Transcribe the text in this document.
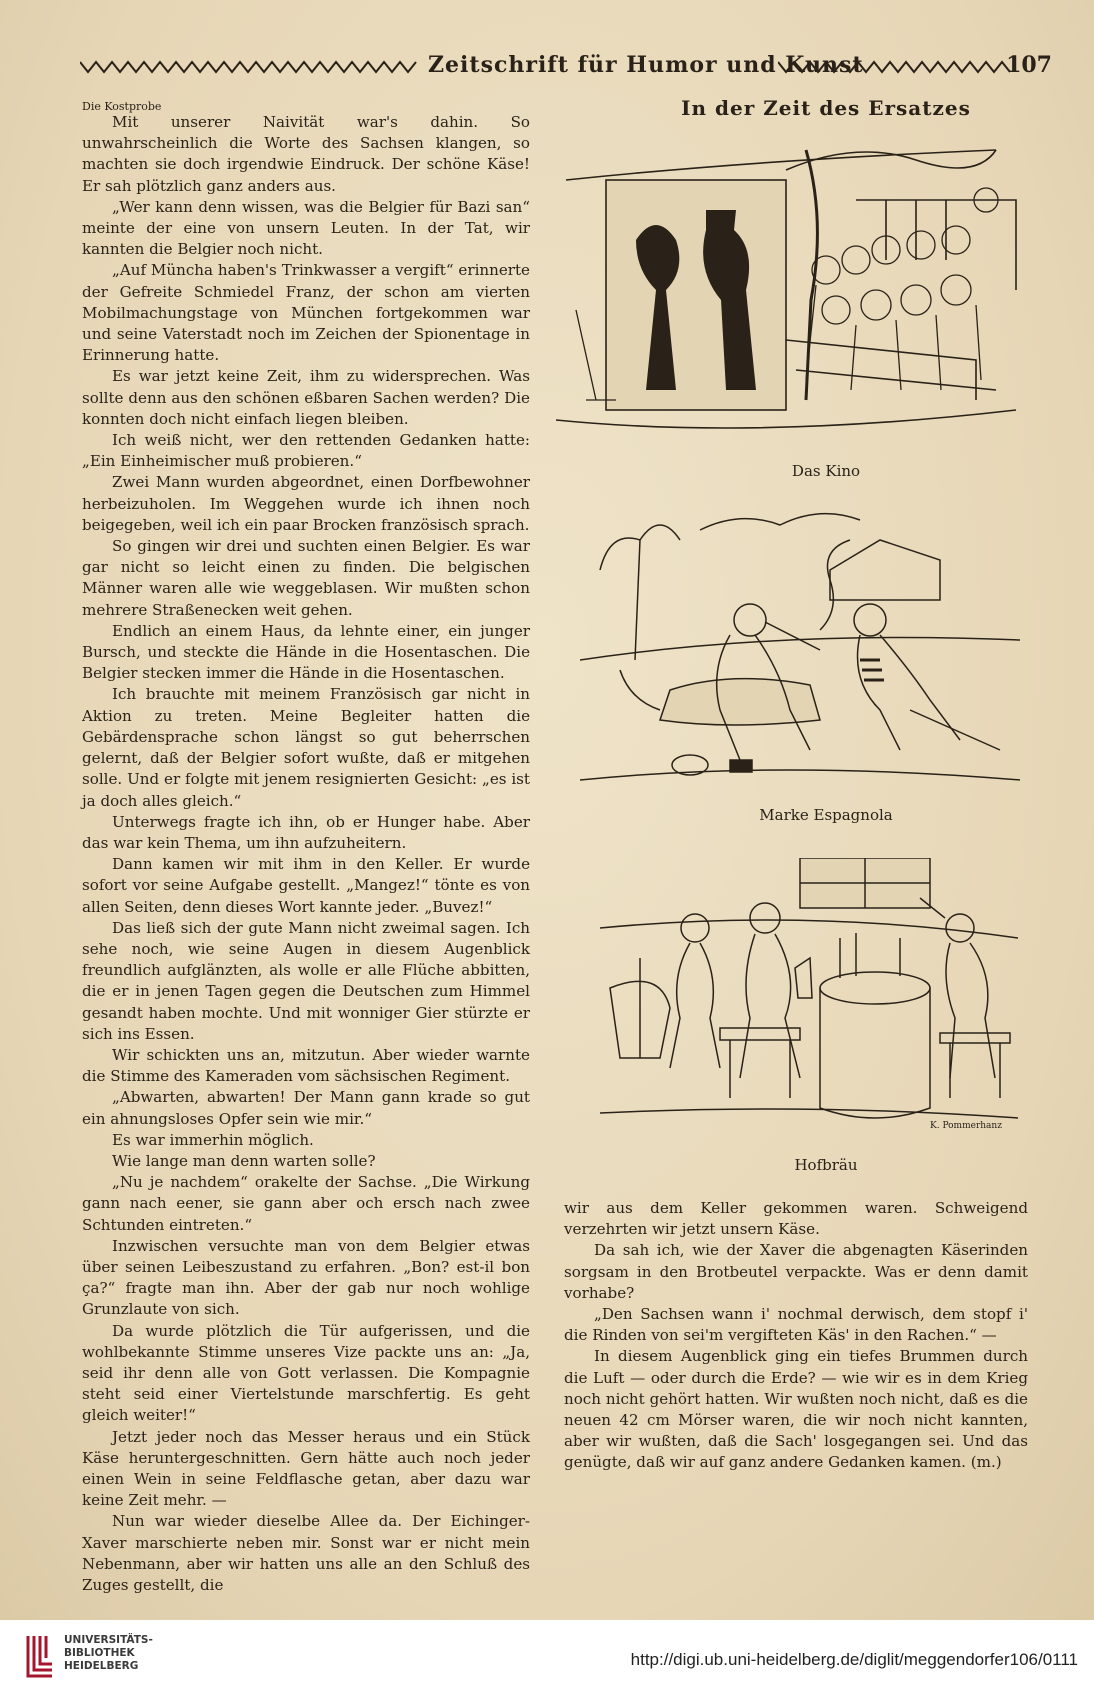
Zeitschrift für Humor und Kunst	107
Die Kostprobe

Mit unserer Naivität war's dahin. So unwahrscheinlich die Worte des Sachsen klangen, so machten sie doch irgendwie Eindruck. Der schöne Käse! Er sah plötzlich ganz anders aus.

„Wer kann denn wissen, was die Belgier für Bazi san“ meinte der eine von unsern Leuten. In der Tat, wir kannten die Belgier noch nicht.

„Auf Müncha haben's Trinkwasser a vergift“ erinnerte der Gefreite Schmiedel Franz, der schon am vierten Mobilmachungstage von München fortgekommen war und seine Vaterstadt noch im Zeichen der Spionentage in Erinnerung hatte.

Es war jetzt keine Zeit, ihm zu widersprechen. Was sollte denn aus den schönen eßbaren Sachen werden? Die konnten doch nicht einfach liegen bleiben.

Ich weiß nicht, wer den rettenden Gedanken hatte: „Ein Einheimischer muß probieren.“

Zwei Mann wurden abgeordnet, einen Dorfbewohner herbeizuholen. Im Weggehen wurde ich ihnen noch beigegeben, weil ich ein paar Brocken französisch sprach.

So gingen wir drei und suchten einen Belgier. Es war gar nicht so leicht einen zu finden. Die belgischen Männer waren alle wie weggeblasen. Wir mußten schon mehrere Straßenecken weit gehen.

Endlich an einem Haus, da lehnte einer, ein junger Bursch, und steckte die Hände in die Hosentaschen. Die Belgier stecken immer die Hände in die Hosentaschen.

Ich brauchte mit meinem Französisch gar nicht in Aktion zu treten. Meine Begleiter hatten die Gebärdensprache schon längst so gut beherrschen gelernt, daß der Belgier sofort wußte, daß er mitgehen solle. Und er folgte mit jenem resignierten Gesicht: „es ist ja doch alles gleich.“

Unterwegs fragte ich ihn, ob er Hunger habe. Aber das war kein Thema, um ihn aufzuheitern.

Dann kamen wir mit ihm in den Keller. Er wurde sofort vor seine Aufgabe gestellt. „Mangez!“ tönte es von allen Seiten, denn dieses Wort kannte jeder. „Buvez!“

Das ließ sich der gute Mann nicht zweimal sagen. Ich sehe noch, wie seine Augen in diesem Augenblick freundlich aufglänzten, als wolle er alle Flüche abbitten, die er in jenen Tagen gegen die Deutschen zum Himmel gesandt haben mochte. Und mit wonniger Gier stürzte er sich ins Essen.

Wir schickten uns an, mitzutun. Aber wieder warnte die Stimme des Kameraden vom sächsischen Regiment.

„Abwarten, abwarten! Der Mann gann krade so gut ein ahnungsloses Opfer sein wie mir.“

Es war immerhin möglich.

Wie lange man denn warten solle?

„Nu je nachdem“ orakelte der Sachse. „Die Wirkung gann nach eener, sie gann aber och ersch nach zwee Schtunden eintreten.“

Inzwischen versuchte man von dem Belgier etwas über seinen Leibeszustand zu erfahren. „Bon? est-il bon ça?“ fragte man ihn. Aber der gab nur noch wohlige Grunzlaute von sich.

Da wurde plötzlich die Tür aufgerissen, und die wohlbekannte Stimme unseres Vize packte uns an: „Ja, seid ihr denn alle von Gott verlassen. Die Kompagnie steht seid einer Viertelstunde marschfertig. Es geht gleich weiter!“

Jetzt jeder noch das Messer heraus und ein Stück Käse heruntergeschnitten. Gern hätte auch noch jeder einen Wein in seine Feldflasche getan, aber dazu war keine Zeit mehr. —

Nun war wieder dieselbe Allee da. Der Eichinger-Xaver marschierte neben mir. Sonst war er nicht mein Nebenmann, aber wir hatten uns alle an den Schluß des Zuges gestellt, die

In der Zeit des Ersatzes
Das Kino
Marke Espagnola
K. Pommerhanz
Hofbräu

wir aus dem Keller gekommen waren. Schweigend verzehrten wir jetzt unsern Käse.

Da sah ich, wie der Xaver die abgenagten Käserinden sorgsam in den Brotbeutel verpackte. Was er denn damit vorhabe?

„Den Sachsen wann i' nochmal derwisch, dem stopf i' die Rinden von sei'm vergifteten Käs' in den Rachen.“ —

In diesem Augenblick ging ein tiefes Brummen durch die Luft — oder durch die Erde? — wie wir es in dem Krieg noch nicht gehört hatten. Wir wußten noch nicht, daß es die neuen 42 cm Mörser waren, die wir noch nicht kannten, aber wir wußten, daß die Sach' losgegangen sei. Und das genügte, daß wir auf ganz andere Gedanken kamen. (m.)

UNIVERSITÄTS-
BIBLIOTHEK
HEIDELBERG	http://digi.ub.uni-heidelberg.de/diglit/meggendorfer106/0111
